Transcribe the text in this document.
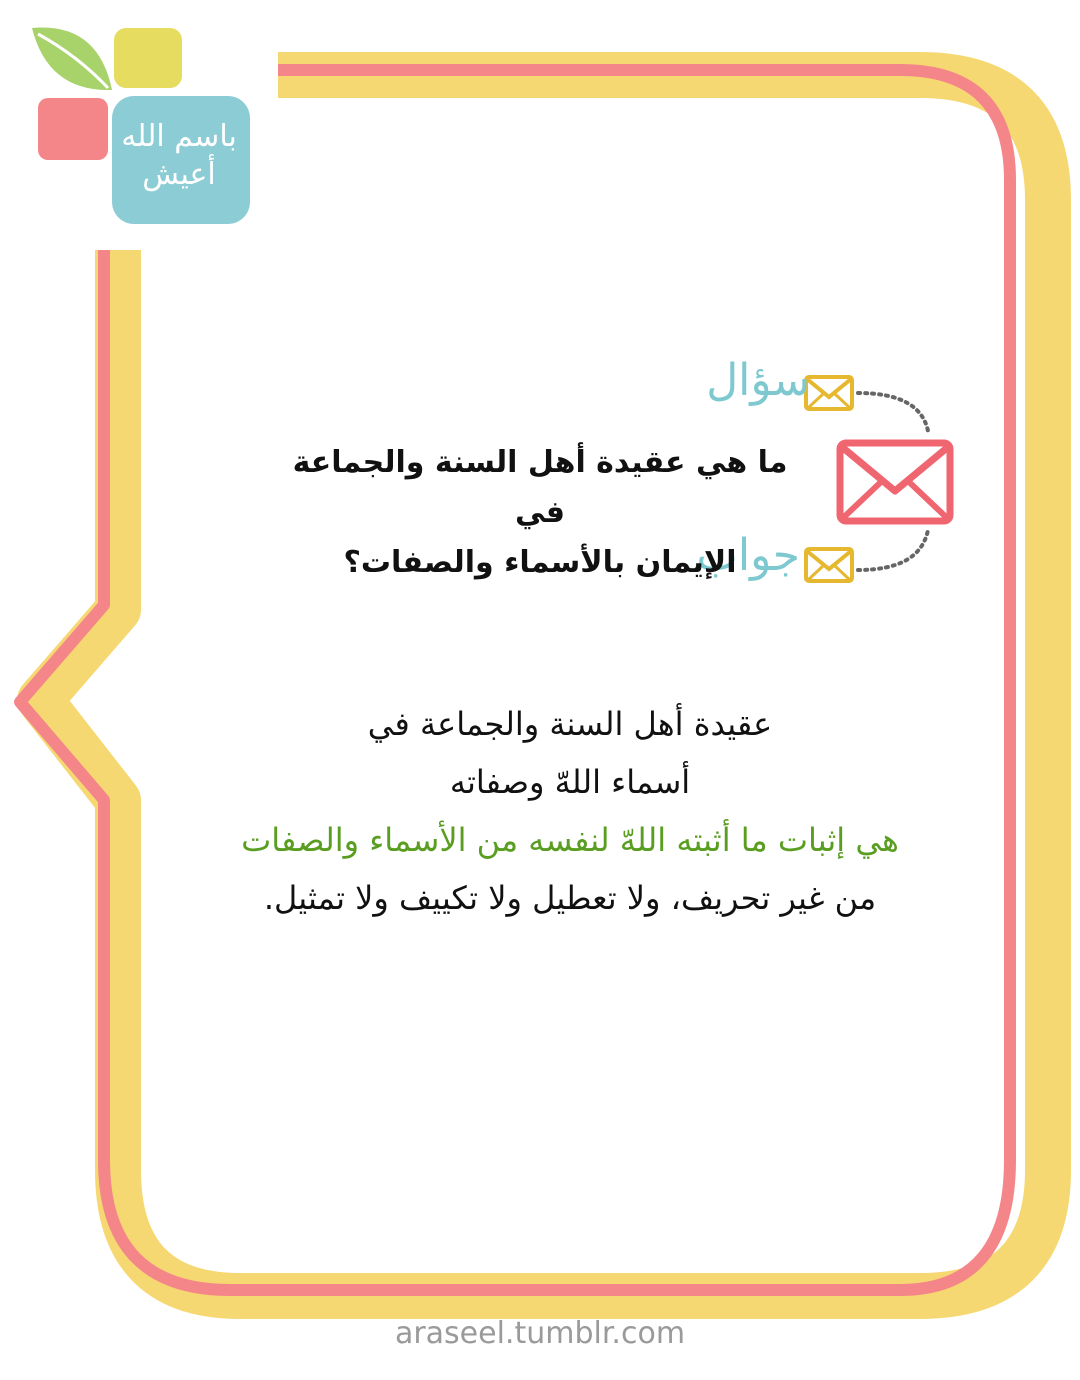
باسم الله
أعيش
سؤال
جواب
ما هي عقيدة أهل السنة والجماعة في
الإيمان بالأسماء والصفات؟
عقيدة أهل السنة والجماعة في
أسماء اللهّ وصفاته
هي إثبات ما أثبته اللهّ لنفسه من الأسماء والصفات
من غير تحريف، ولا تعطيل ولا تكييف ولا تمثيل.
araseel.tumblr.com
